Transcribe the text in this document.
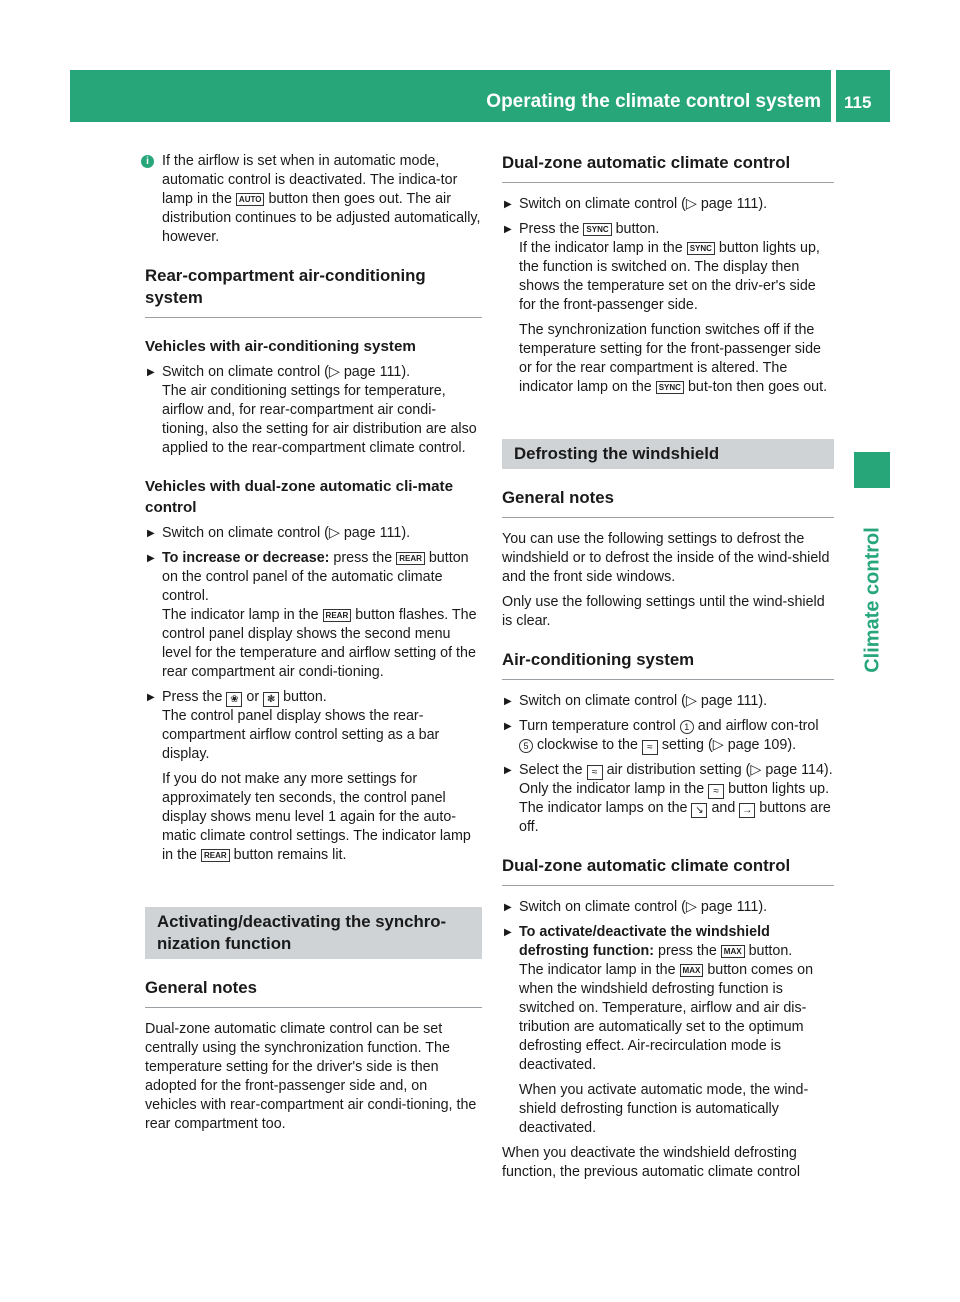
Operating the climate control system 115
Climate control

i If the airflow is set when in automatic mode, automatic control is deactivated. The indica-tor lamp in the AUTO button then goes out. The air distribution continues to be adjusted automatically, however.

Rear-compartment air-conditioning system
Vehicles with air-conditioning system

▶ Switch on climate control (▷ page 111).
The air conditioning settings for temperature, airflow and, for rear-compartment air condi-tioning, also the setting for air distribution are also applied to the rear-compartment climate control.

Vehicles with dual-zone automatic cli-mate control

▶ Switch on climate control (▷ page 111).

▶ To increase or decrease: press the REAR button on the control panel of the automatic climate control.
The indicator lamp in the REAR button flashes. The control panel display shows the second menu level for the temperature and airflow setting of the rear compartment air condi-tioning.

▶ Press the ❀ or ❃ button.
The control panel display shows the rear-compartment airflow control setting as a bar display.

If you do not make any more settings for approximately ten seconds, the control panel display shows menu level 1 again for the auto-matic climate control settings. The indicator lamp in the REAR button remains lit.

Activating/deactivating the synchro-nization function
General notes

Dual-zone automatic climate control can be set centrally using the synchronization function. The temperature setting for the driver's side is then adopted for the front-passenger side and, on vehicles with rear-compartment air condi-tioning, the rear compartment too.

Dual-zone automatic climate control

▶ Switch on climate control (▷ page 111).

▶ Press the SYNC button.
If the indicator lamp in the SYNC button lights up, the function is switched on. The display then shows the temperature set on the driv-er's side for the front-passenger side.

The synchronization function switches off if the temperature setting for the front-passenger side or for the rear compartment is altered. The indicator lamp on the SYNC but-ton then goes out.

Defrosting the windshield
General notes

You can use the following settings to defrost the windshield or to defrost the inside of the wind-shield and the front side windows.

Only use the following settings until the wind-shield is clear.

Air-conditioning system

▶ Switch on climate control (▷ page 111).

▶ Turn temperature control 1 and airflow con-trol 5 clockwise to the ≈ setting (▷ page 109).

▶ Select the ≈ air distribution setting (▷ page 114).
Only the indicator lamp in the ≈ button lights up. The indicator lamps on the ↘ and → buttons are off.

Dual-zone automatic climate control

▶ Switch on climate control (▷ page 111).

▶ To activate/deactivate the windshield defrosting function: press the MAX button.
The indicator lamp in the MAX button comes on when the windshield defrosting function is switched on. Temperature, airflow and air dis-tribution are automatically set to the optimum defrosting effect. Air-recirculation mode is deactivated.

When you activate automatic mode, the wind-shield defrosting function is automatically deactivated.

When you deactivate the windshield defrosting function, the previous automatic climate control
